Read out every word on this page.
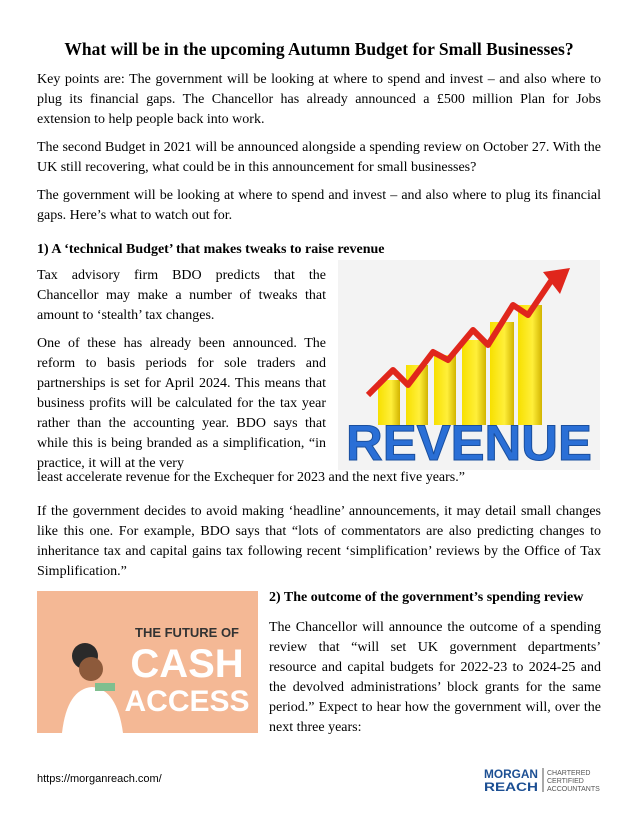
What will be in the upcoming Autumn Budget for Small Businesses?

Key points are: The government will be looking at where to spend and invest – and also where to plug its financial gaps. The Chancellor has already announced a £500 million Plan for Jobs extension to help people back into work.

The second Budget in 2021 will be announced alongside a spending review on October 27. With the UK still recovering, what could be in this announcement for small businesses?

The government will be looking at where to spend and invest – and also where to plug its financial gaps. Here’s what to watch out for.

1) A ‘technical Budget’ that makes tweaks to raise revenue

Tax advisory firm BDO predicts that the Chancellor may make a number of tweaks that amount to ‘stealth’ tax changes.

One of these has already been announced. The reform to basis periods for sole traders and partnerships is set for April 2024. This means that business profits will be calculated for the tax year rather than the accounting year. BDO says that while this is being branded as a simplification, “in practice, it will at the very

least accelerate revenue for the Exchequer for 2023 and the next five years.”

If the government decides to avoid making ‘headline’ announcements, it may detail small changes like this one. For example, BDO says that “lots of commentators are also predicting changes to inheritance tax and capital gains tax following recent ‘simplification’ reviews by the Office of Tax Simplification.”

2) The outcome of the government’s spending review

The Chancellor will announce the outcome of a spending review that “will set UK government departments’ resource and capital budgets for 2022-23 to 2024-25 and the devolved administrations’ block grants for the same period.” Expect to hear how the government will, over the next three years:

REVENUE
THE FUTURE OF
CASH
ACCESS
https://morganreach.com/	MORGAN
REACH
CHARTERED
CERTIFIED
ACCOUNTANTS
